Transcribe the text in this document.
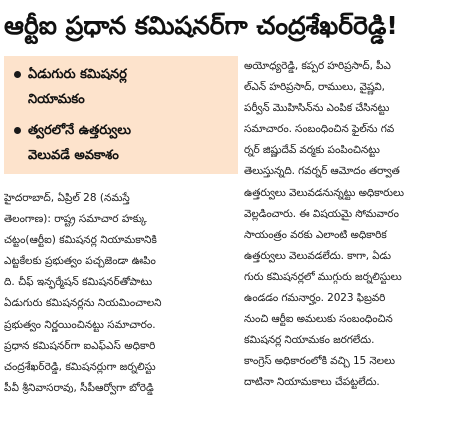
ఆర్టీఐ ప్రధాన కమిషనర్‌గా చంద్రశేఖర్‌రెడ్డి!
ఏడుగురు కమిషనర్ల
నియామకం
త్వరలోనే ఉత్తర్వులు
వెలువడే అవకాశం
హైదరాబాద్, ఏప్రిల్ 28 (నమస్తే
తెలంగాణ): రాష్ట్ర సమాచార హక్కు
చట్టం(ఆర్టీఐ) కమిషనర్ల నియామకానికి
ఎట్టకేలకు ప్రభుత్వం పచ్చజెండా ఊపిం
ది. చీఫ్ ఇన్ఫర్మేషన్ కమిషనర్‌తోపాటు
ఏడుగురు కమిషనర్లను నియమించాలని
ప్రభుత్వం నిర్ణయించినట్టు సమాచారం.
ప్రధాన కమిషనర్‌గా ఐఎఫ్ఎస్ అధికారి
చంద్రశేఖర్‌రెడ్డి, కమిషనర్లుగా జర్నలిస్టు
పీవీ శ్రీనివాసరావు, సీపీఆర్వోగా బోరెడ్డి
అయోధ్యరెడ్డి, కప్పర హరిప్రసాద్, పీఎ
ల్‌ఎన్ హరిప్రసాద్, రాములు, వైష్ణవి,
పర్వీన్ మొహిసిన్‌ను ఎంపిక చేసినట్టు
సమాచారం. సంబంధించిన ఫైల్‌ను గవ
ర్నర్ జిష్ణుదేవ్ వర్మకు పంపించినట్టు
తెలుస్తున్నది. గవర్నర్ ఆమోదం తర్వాత
ఉత్తర్వులు వెలువడనున్నట్టు అధికారులు
వెల్లడించారు. ఈ విషయమై సోమవారం
సాయంత్రం వరకు ఎలాంటి అధికారిక
ఉత్తర్వులు వెలువడలేదు. కాగా, ఏడు
గురు కమిషనర్లలో ముగ్గురు జర్నలిస్టులు
ఉండడం గమనార్హం. 2023 ఫిబ్రవరి
నుంచి ఆర్టీఐ అమలుకు సంబంధించిన
కమిషనర్ల నియామకం జరగలేదు.
కాంగ్రెస్ అధికారంలోకి వచ్చి 15 నెలలు
దాటినా నియామకాలు చేపట్టలేదు.
